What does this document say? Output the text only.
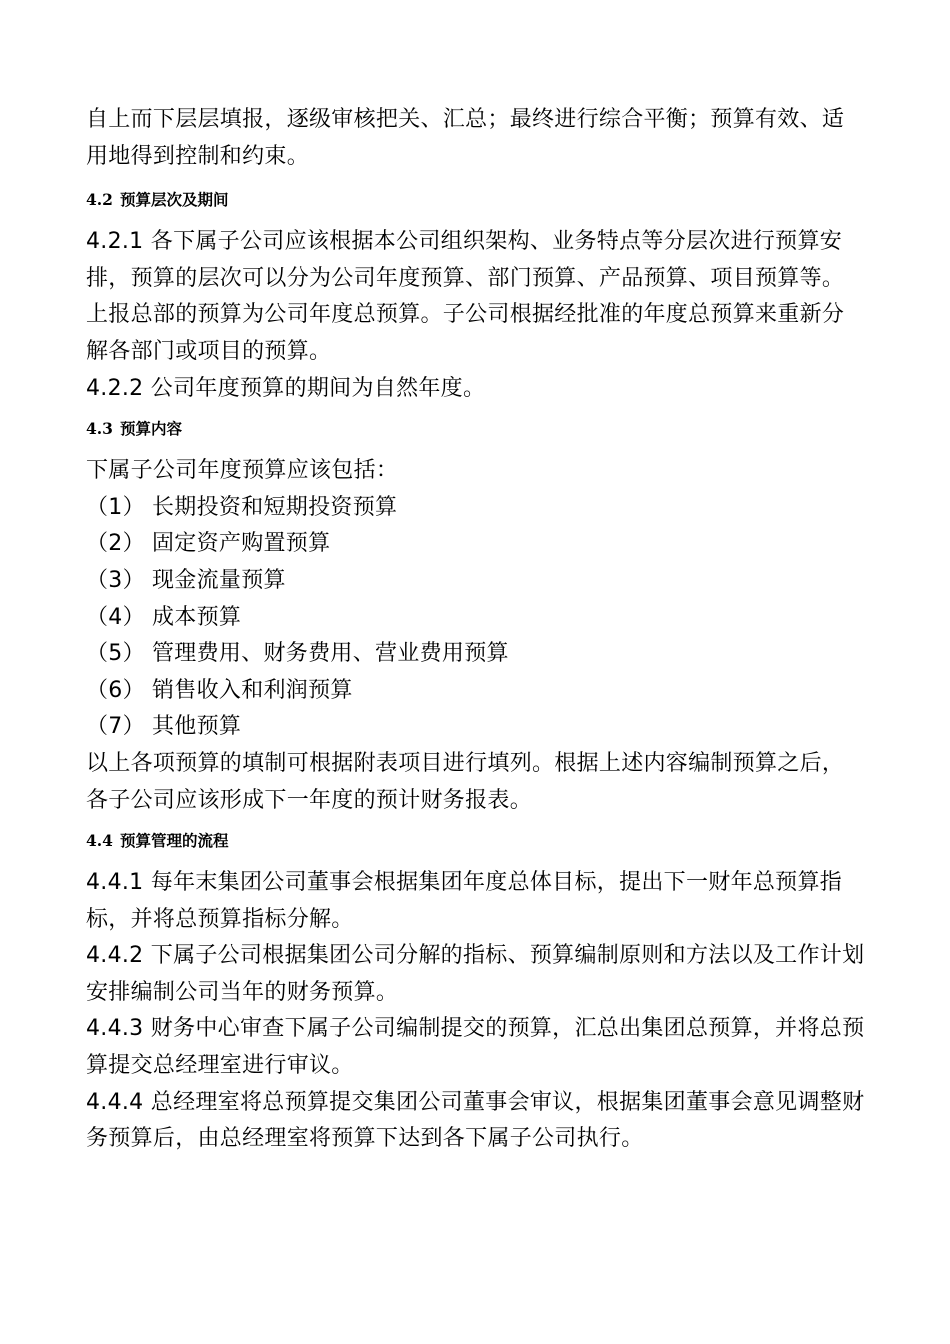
自上而下层层填报，逐级审核把关、汇总；最终进行综合平衡；预算有效、适用地得到控制和约束。

4.2 预算层次及期间

4.2.1 各下属子公司应该根据本公司组织架构、业务特点等分层次进行预算安排，预算的层次可以分为公司年度预算、部门预算、产品预算、项目预算等。上报总部的预算为公司年度总预算。子公司根据经批准的年度总预算来重新分解各部门或项目的预算。

4.2.2 公司年度预算的期间为自然年度。

4.3 预算内容

下属子公司年度预算应该包括：

（1） 长期投资和短期投资预算

（2） 固定资产购置预算

（3） 现金流量预算

（4） 成本预算

（5） 管理费用、财务费用、营业费用预算

（6） 销售收入和利润预算

（7） 其他预算

以上各项预算的填制可根据附表项目进行填列。根据上述内容编制预算之后，各子公司应该形成下一年度的预计财务报表。

4.4 预算管理的流程

4.4.1 每年末集团公司董事会根据集团年度总体目标，提出下一财年总预算指标，并将总预算指标分解。

4.4.2 下属子公司根据集团公司分解的指标、预算编制原则和方法以及工作计划安排编制公司当年的财务预算。

4.4.3 财务中心审查下属子公司编制提交的预算，汇总出集团总预算，并将总预算提交总经理室进行审议。

4.4.4 总经理室将总预算提交集团公司董事会审议，根据集团董事会意见调整财务预算后，由总经理室将预算下达到各下属子公司执行。
